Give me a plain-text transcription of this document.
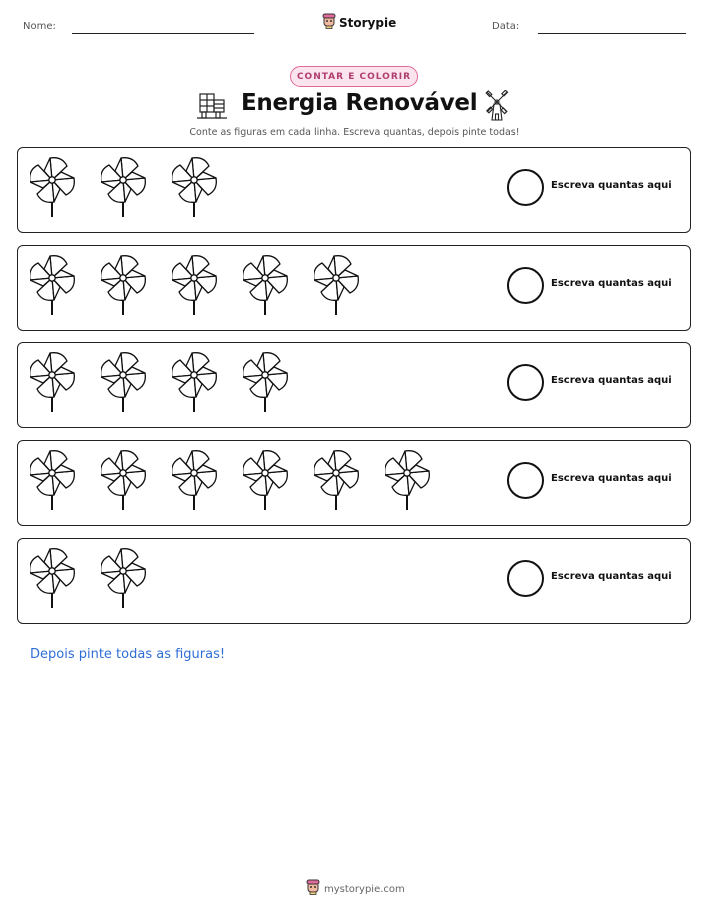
Nome:	Storypie	Data:
CONTAR E COLORIR
Energia Renovável
Conte as figuras em cada linha. Escreva quantas, depois pinte todas!
Escreva quantas aqui
Escreva quantas aqui
Escreva quantas aqui
Escreva quantas aqui
Escreva quantas aqui
Depois pinte todas as figuras!
mystorypie.com
